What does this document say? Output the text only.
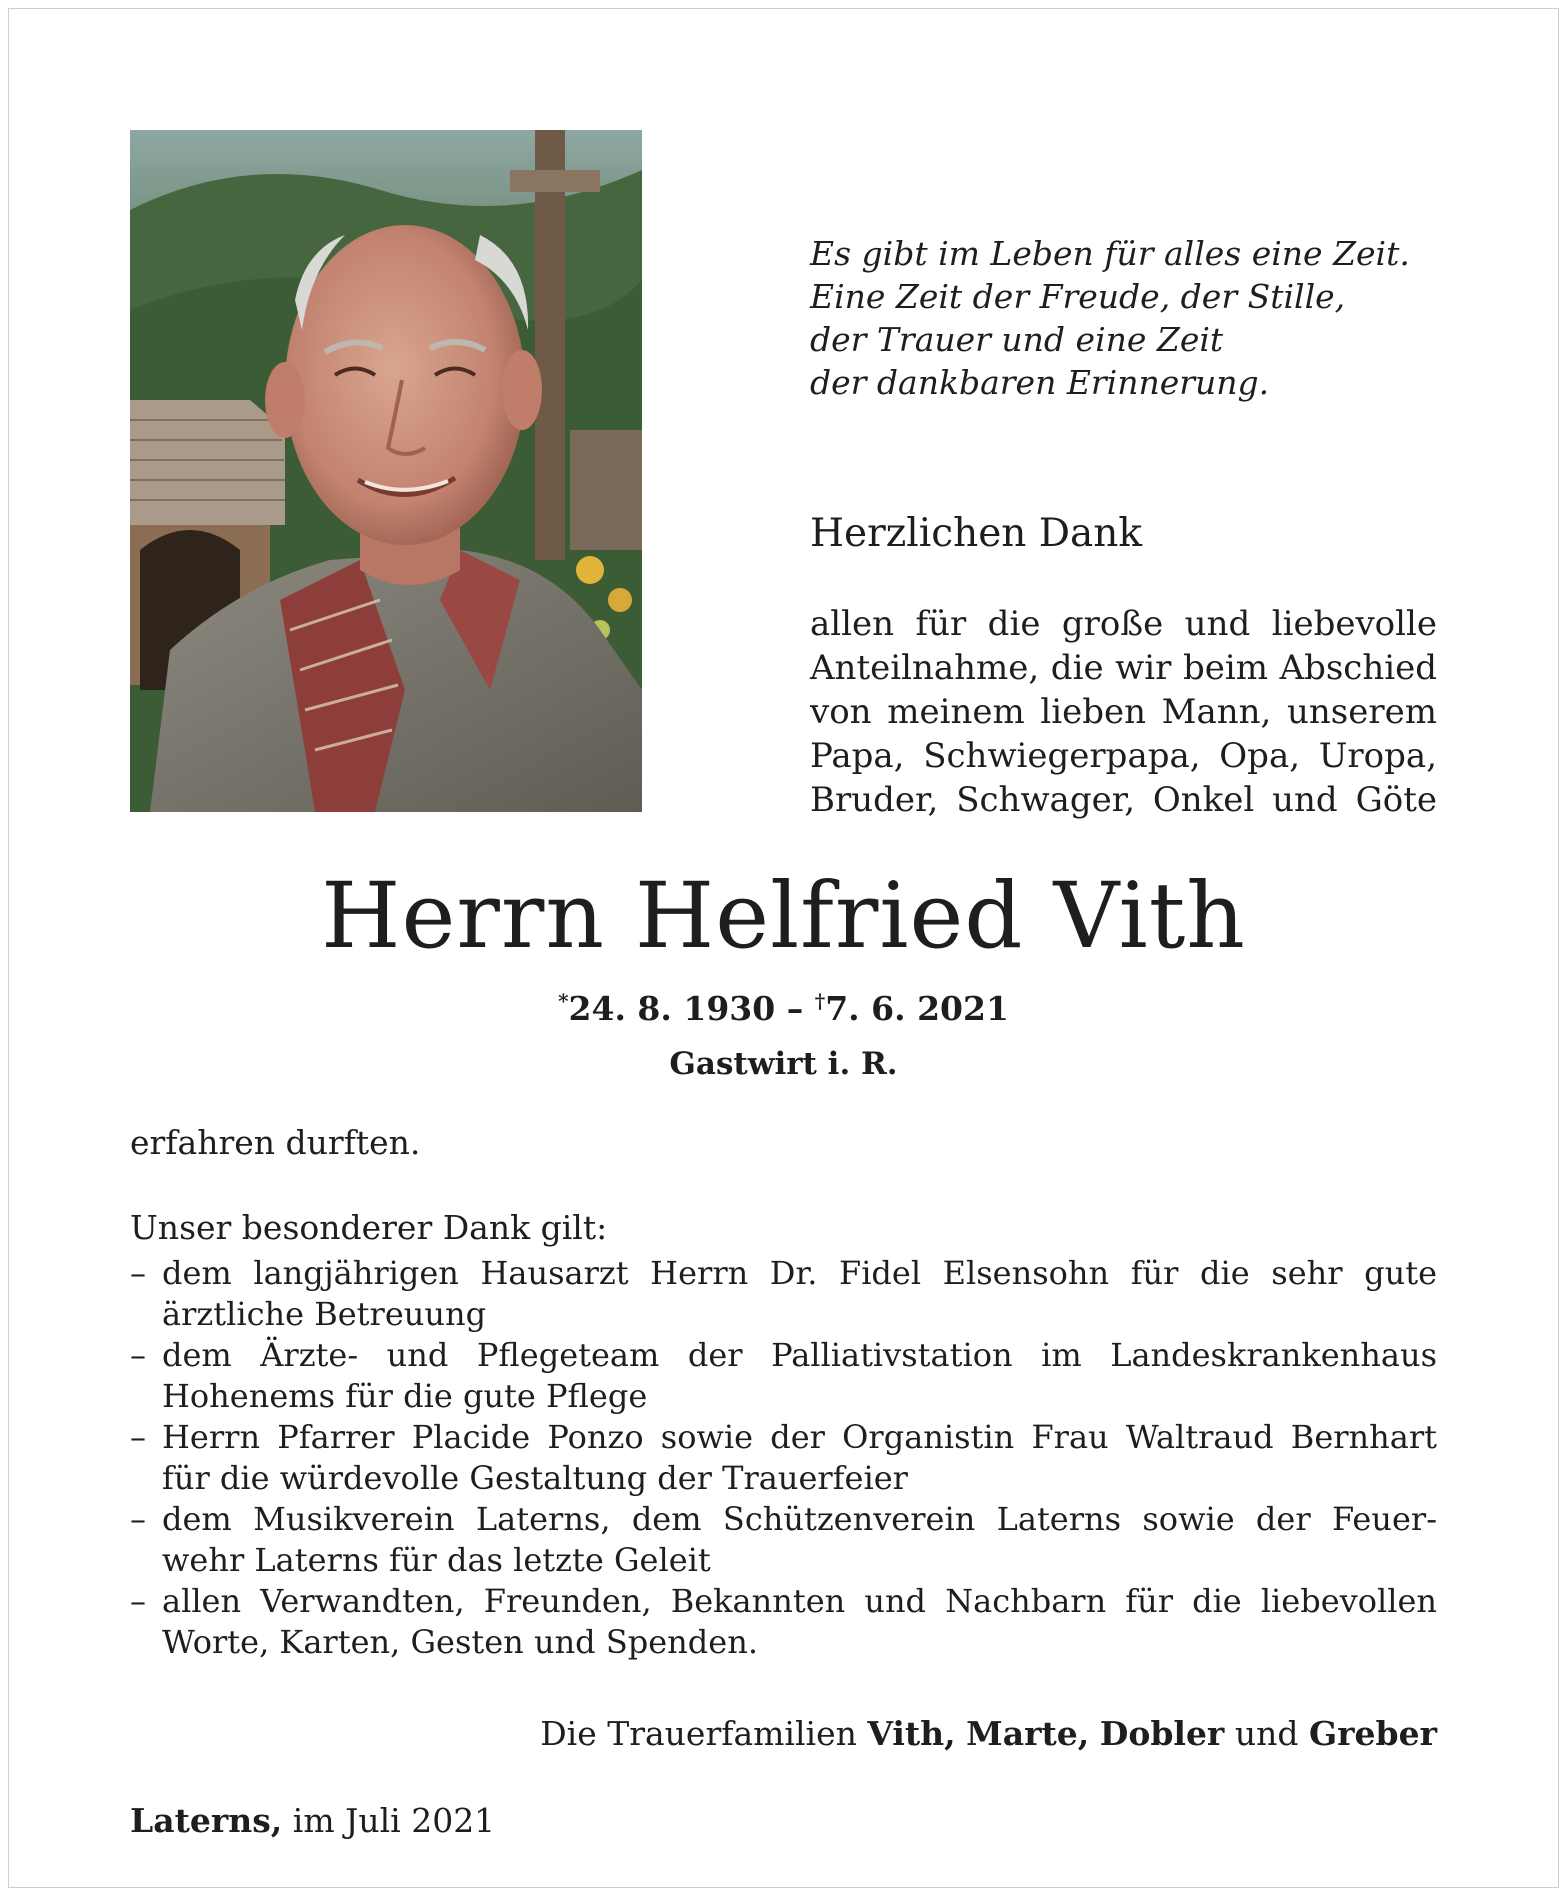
Es gibt im Leben für alles eine Zeit.
Eine Zeit der Freude, der Stille,
der Trauer und eine Zeit
der dankbaren Erinnerung.
Herzlichen Dank
allen für die große und liebevolle
Anteilnahme, die wir beim Abschied
von meinem lieben Mann, unserem
Papa, Schwiegerpapa, Opa, Uropa,
Bruder, Schwager, Onkel und Göte
Herrn Helfried Vith
*24. 8. 1930 – †7. 6. 2021
Gastwirt i. R.
erfahren durften.
Unser besonderer Dank gilt:
– dem langjährigen Hausarzt Herrn Dr. Fidel Elsensohn für die sehr gute
ärztliche Betreuung
– dem Ärzte- und Pflegeteam der Palliativstation im Landeskrankenhaus
Hohenems für die gute Pflege
– Herrn Pfarrer Placide Ponzo sowie der Organistin Frau Waltraud Bernhart
für die würdevolle Gestaltung der Trauerfeier
– dem Musikverein Laterns, dem Schützenverein Laterns sowie der Feuer-
wehr Laterns für das letzte Geleit
– allen Verwandten, Freunden, Bekannten und Nachbarn für die liebevollen
Worte, Karten, Gesten und Spenden.
Die Trauerfamilien Vith, Marte, Dobler und Greber
Laterns, im Juli 2021
